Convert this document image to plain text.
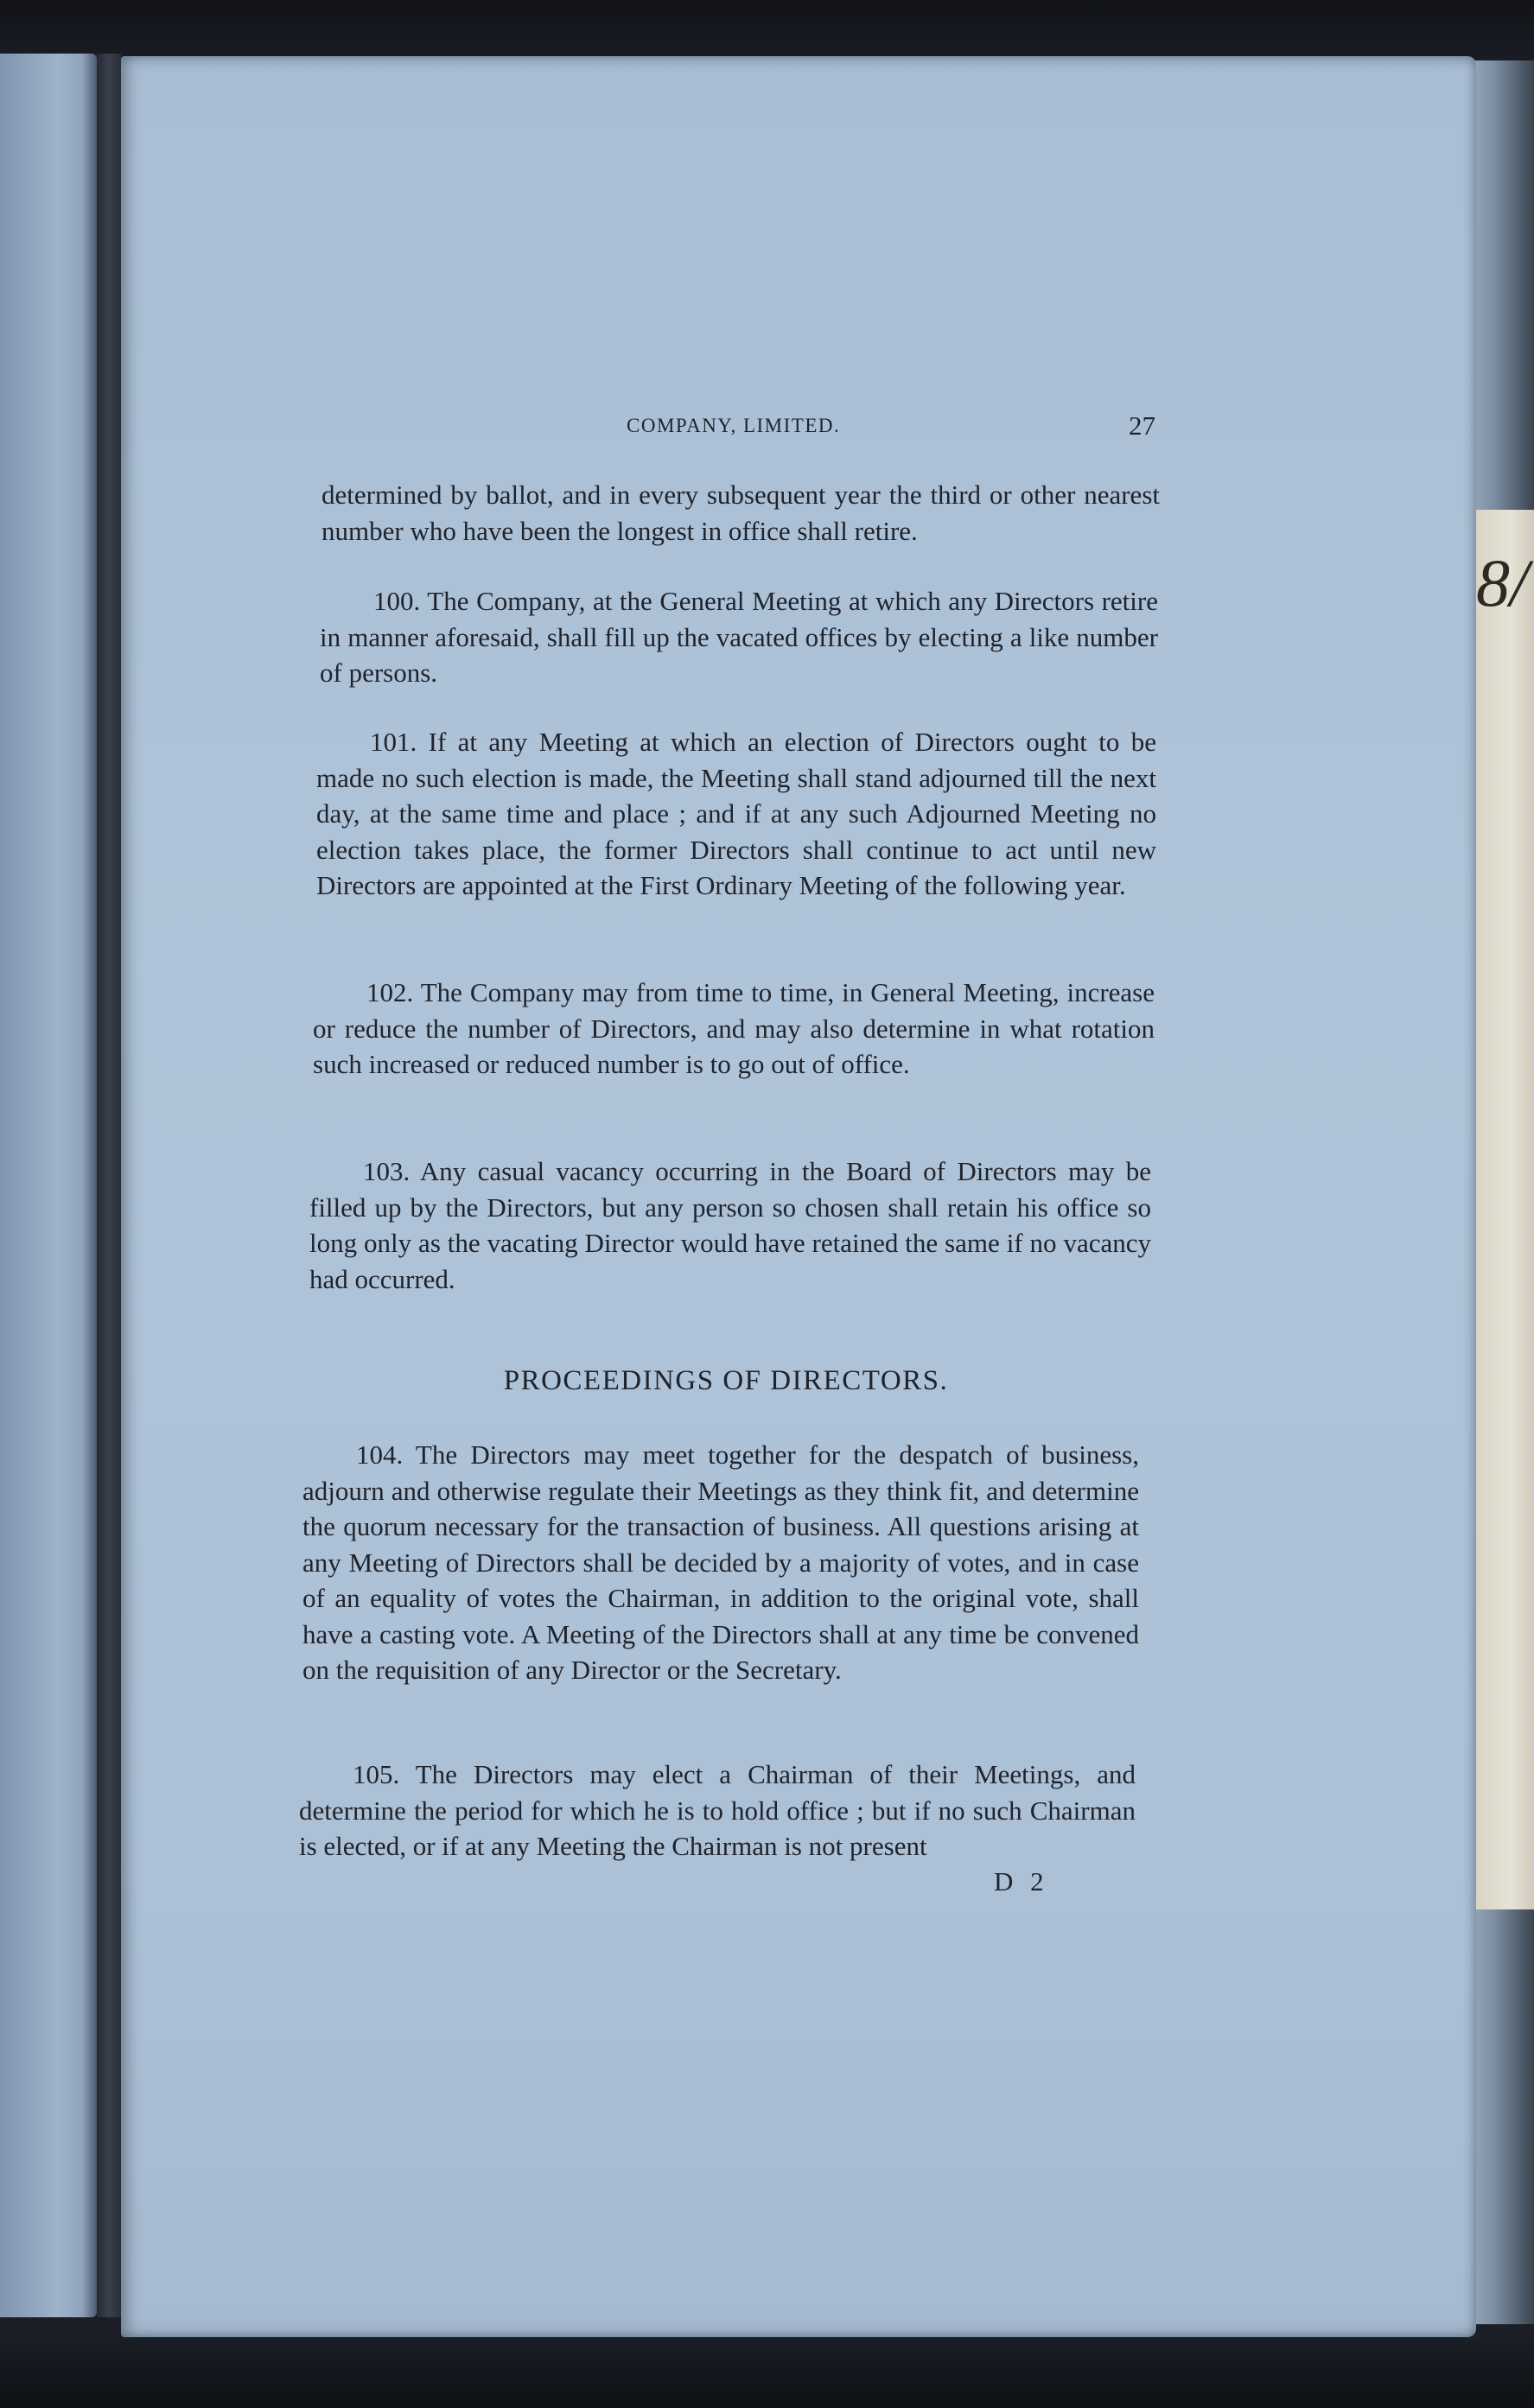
8/
COMPANY, LIMITED.	27

determined by ballot, and in every subsequent year the third or other nearest number who have been the longest in office shall retire.

100. The Company, at the General Meeting at which any Directors retire in manner aforesaid, shall fill up the vacated offices by electing a like number of persons.

101. If at any Meeting at which an election of Directors ought to be made no such election is made, the Meeting shall stand adjourned till the next day, at the same time and place ; and if at any such Adjourned Meeting no election takes place, the former Directors shall continue to act until new Directors are appointed at the First Ordinary Meeting of the following year.

102. The Company may from time to time, in General Meeting, increase or reduce the number of Directors, and may also determine in what rotation such increased or reduced number is to go out of office.

103. Any casual vacancy occurring in the Board of Directors may be filled up by the Directors, but any person so chosen shall retain his office so long only as the vacating Director would have retained the same if no vacancy had occurred.

PROCEEDINGS OF DIRECTORS.

104. The Directors may meet together for the despatch of business, adjourn and otherwise regulate their Meetings as they think fit, and determine the quorum necessary for the transaction of business. All questions arising at any Meeting of Directors shall be decided by a majority of votes, and in case of an equality of votes the Chairman, in addition to the original vote, shall have a casting vote. A Meeting of the Directors shall at any time be convened on the requisition of any Director or the Secretary.

105. The Directors may elect a Chairman of their Meetings, and determine the period for which he is to hold office ; but if no such Chairman is elected, or if at any Meeting the Chairman is not present

D 2
